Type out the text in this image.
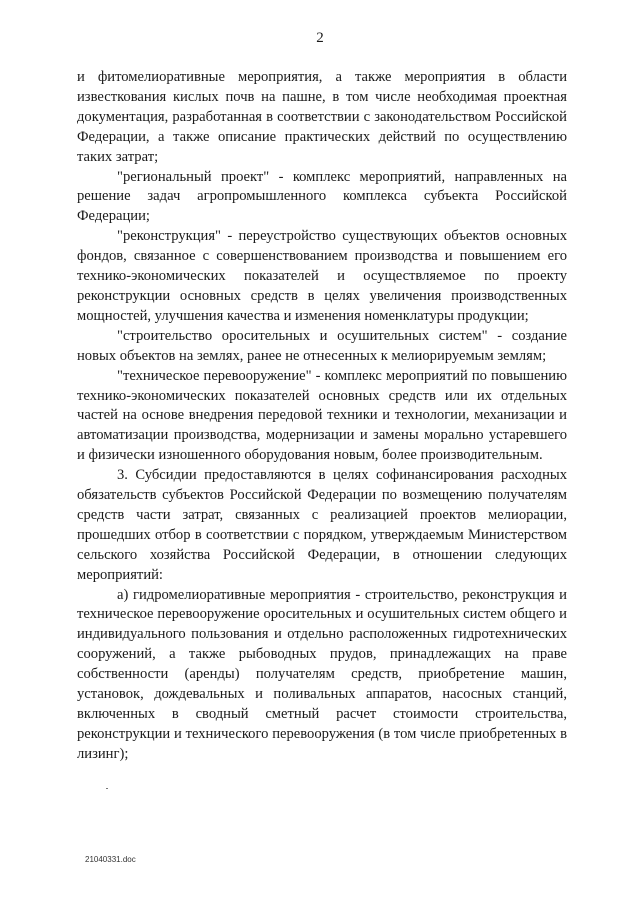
2

и фитомелиоративные мероприятия, а также мероприятия в области известкования кислых почв на пашне, в том числе необходимая проектная документация, разработанная в соответствии с законодательством Российской Федерации, а также описание практических действий по осуществлению таких затрат;

"региональный проект" - комплекс мероприятий, направленных на решение задач агропромышленного комплекса субъекта Российской Федерации;

"реконструкция" - переустройство существующих объектов основных фондов, связанное с совершенствованием производства и повышением его технико-экономических показателей и осуществляемое по проекту реконструкции основных средств в целях увеличения производственных мощностей, улучшения качества и изменения номенклатуры продукции;

"строительство оросительных и осушительных систем" - создание новых объектов на землях, ранее не отнесенных к мелиорируемым землям;

"техническое перевооружение" - комплекс мероприятий по повышению технико-экономических показателей основных средств или их отдельных частей на основе внедрения передовой техники и технологии, механизации и автоматизации производства, модернизации и замены морально устаревшего и физически изношенного оборудования новым, более производительным.

3. Субсидии предоставляются в целях софинансирования расходных обязательств субъектов Российской Федерации по возмещению получателям средств части затрат, связанных с реализацией проектов мелиорации, прошедших отбор в соответствии с порядком, утверждаемым Министерством сельского хозяйства Российской Федерации, в отношении следующих мероприятий:

а) гидромелиоративные мероприятия - строительство, реконструкция и техническое перевооружение оросительных и осушительных систем общего и индивидуального пользования и отдельно расположенных гидротехнических сооружений, а также рыбоводных прудов, принадлежащих на праве собственности (аренды) получателям средств, приобретение машин, установок, дождевальных и поливальных аппаратов, насосных станций, включенных в сводный сметный расчет стоимости строительства, реконструкции и технического перевооружения (в том числе приобретенных в лизинг);

21040331.doc
